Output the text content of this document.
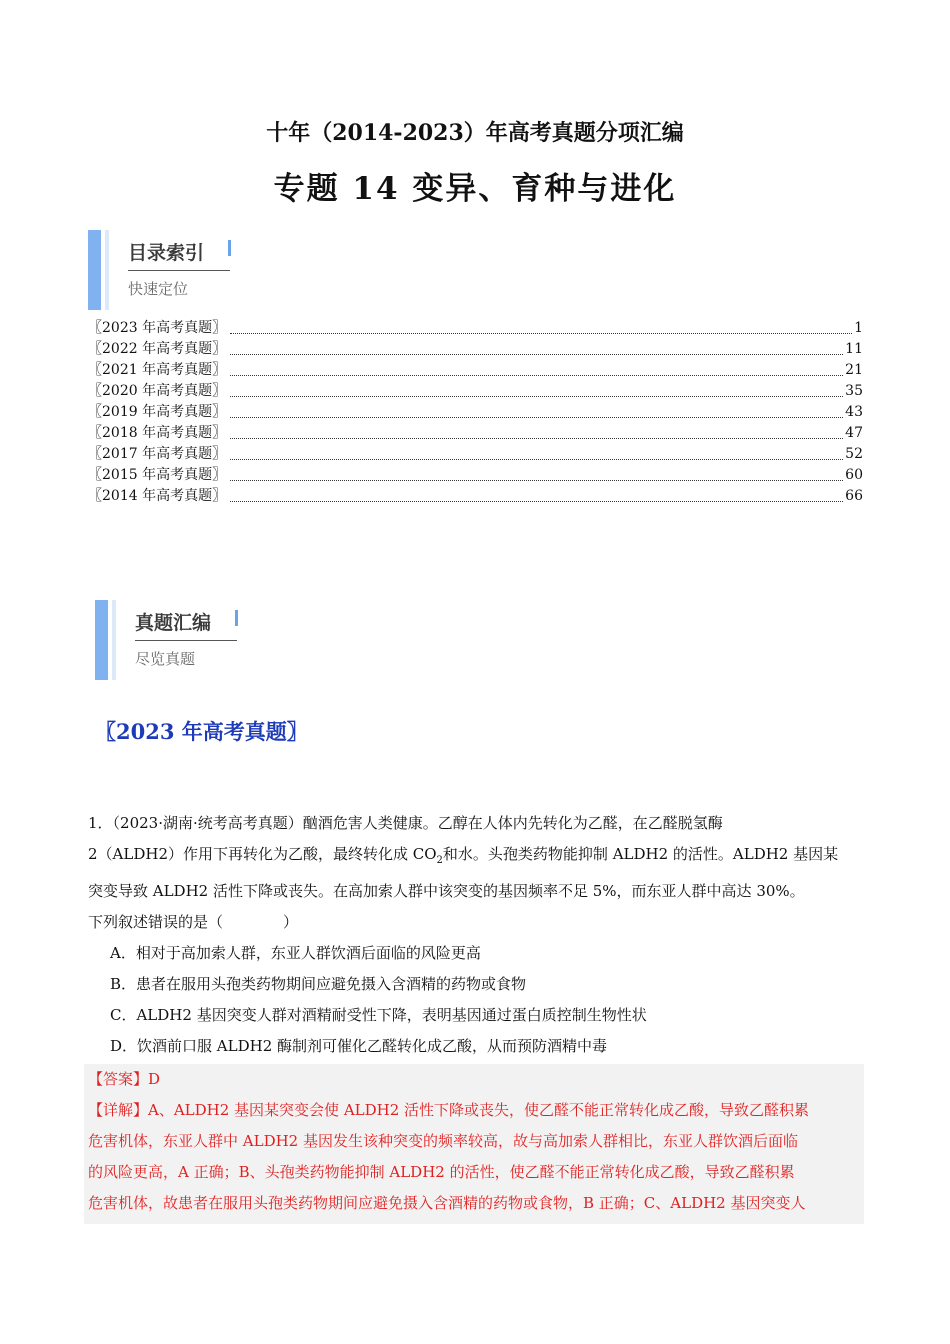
十年（2014-2023）年高考真题分项汇编
专题 14 变异、育种与进化
目录索引
快速定位
〖2023 年高考真题〗	1
〖2022 年高考真题〗	11
〖2021 年高考真题〗	21
〖2020 年高考真题〗	35
〖2019 年高考真题〗	43
〖2018 年高考真题〗	47
〖2017 年高考真题〗	52
〖2015 年高考真题〗	60
〖2014 年高考真题〗	66
真题汇编
尽览真题
〖2023 年高考真题〗

1．（2023·湖南·统考高考真题）酗酒危害人类健康。乙醇在人体内先转化为乙醛，在乙醛脱氢酶

2（ALDH2）作用下再转化为乙酸，最终转化成 $CO_2$和水。头孢类药物能抑制 ALDH2 的活性。ALDH2 基因某

突变导致 ALDH2 活性下降或丧失。在高加索人群中该突变的基因频率不足 5%，而东亚人群中高达 30%。

下列叙述错误的是（　　　　）

A．相对于高加索人群，东亚人群饮酒后面临的风险更高

B．患者在服用头孢类药物期间应避免摄入含酒精的药物或食物

C．ALDH2 基因突变人群对酒精耐受性下降，表明基因通过蛋白质控制生物性状

D．饮酒前口服 ALDH2 酶制剂可催化乙醛转化成乙酸，从而预防酒精中毒

【答案】D

【详解】A、ALDH2 基因某突变会使 ALDH2 活性下降或丧失，使乙醛不能正常转化成乙酸，导致乙醛积累

危害机体，东亚人群中 ALDH2 基因发生该种突变的频率较高，故与高加索人群相比，东亚人群饮酒后面临

的风险更高，A 正确；B、头孢类药物能抑制 ALDH2 的活性，使乙醛不能正常转化成乙酸，导致乙醛积累

危害机体，故患者在服用头孢类药物期间应避免摄入含酒精的药物或食物，B 正确；C、ALDH2 基因突变人
